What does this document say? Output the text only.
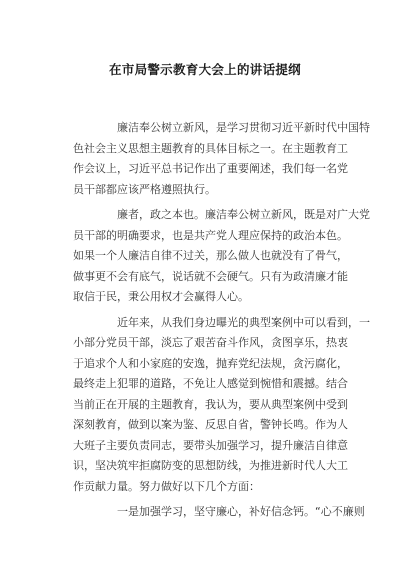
在市局警示教育大会上的讲话提纲

廉洁奉公树立新风，是学习贯彻习近平新时代中国特
色社会主义思想主题教育的具体目标之一。在主题教育工
作会议上，习近平总书记作出了重要阐述，我们每一名党
员干部都应该严格遵照执行。

廉者，政之本也。廉洁奉公树立新风，既是对广大党
员干部的明确要求，也是共产党人理应保持的政治本色。
如果一个人廉洁自律不过关，那么做人也就没有了骨气，
做事更不会有底气，说话就不会硬气。只有为政清廉才能
取信于民，秉公用权才会赢得人心。

近年来，从我们身边曝光的典型案例中可以看到，一
小部分党员干部，淡忘了艰苦奋斗作风，贪图享乐，热衷
于追求个人和小家庭的安逸，抛弃党纪法规，贪污腐化，
最终走上犯罪的道路，不免让人感觉到惋惜和震撼。结合
当前正在开展的主题教育，我认为，要从典型案例中受到
深刻教育，做到以案为鉴、反思自省，警钟长鸣。作为人
大班子主要负责同志，要带头加强学习，提升廉洁自律意
识，坚决筑牢拒腐防变的思想防线，为推进新时代人大工
作贡献力量。努力做好以下几个方面：

一是加强学习，坚守廉心，补好信念钙。“心不廉则
